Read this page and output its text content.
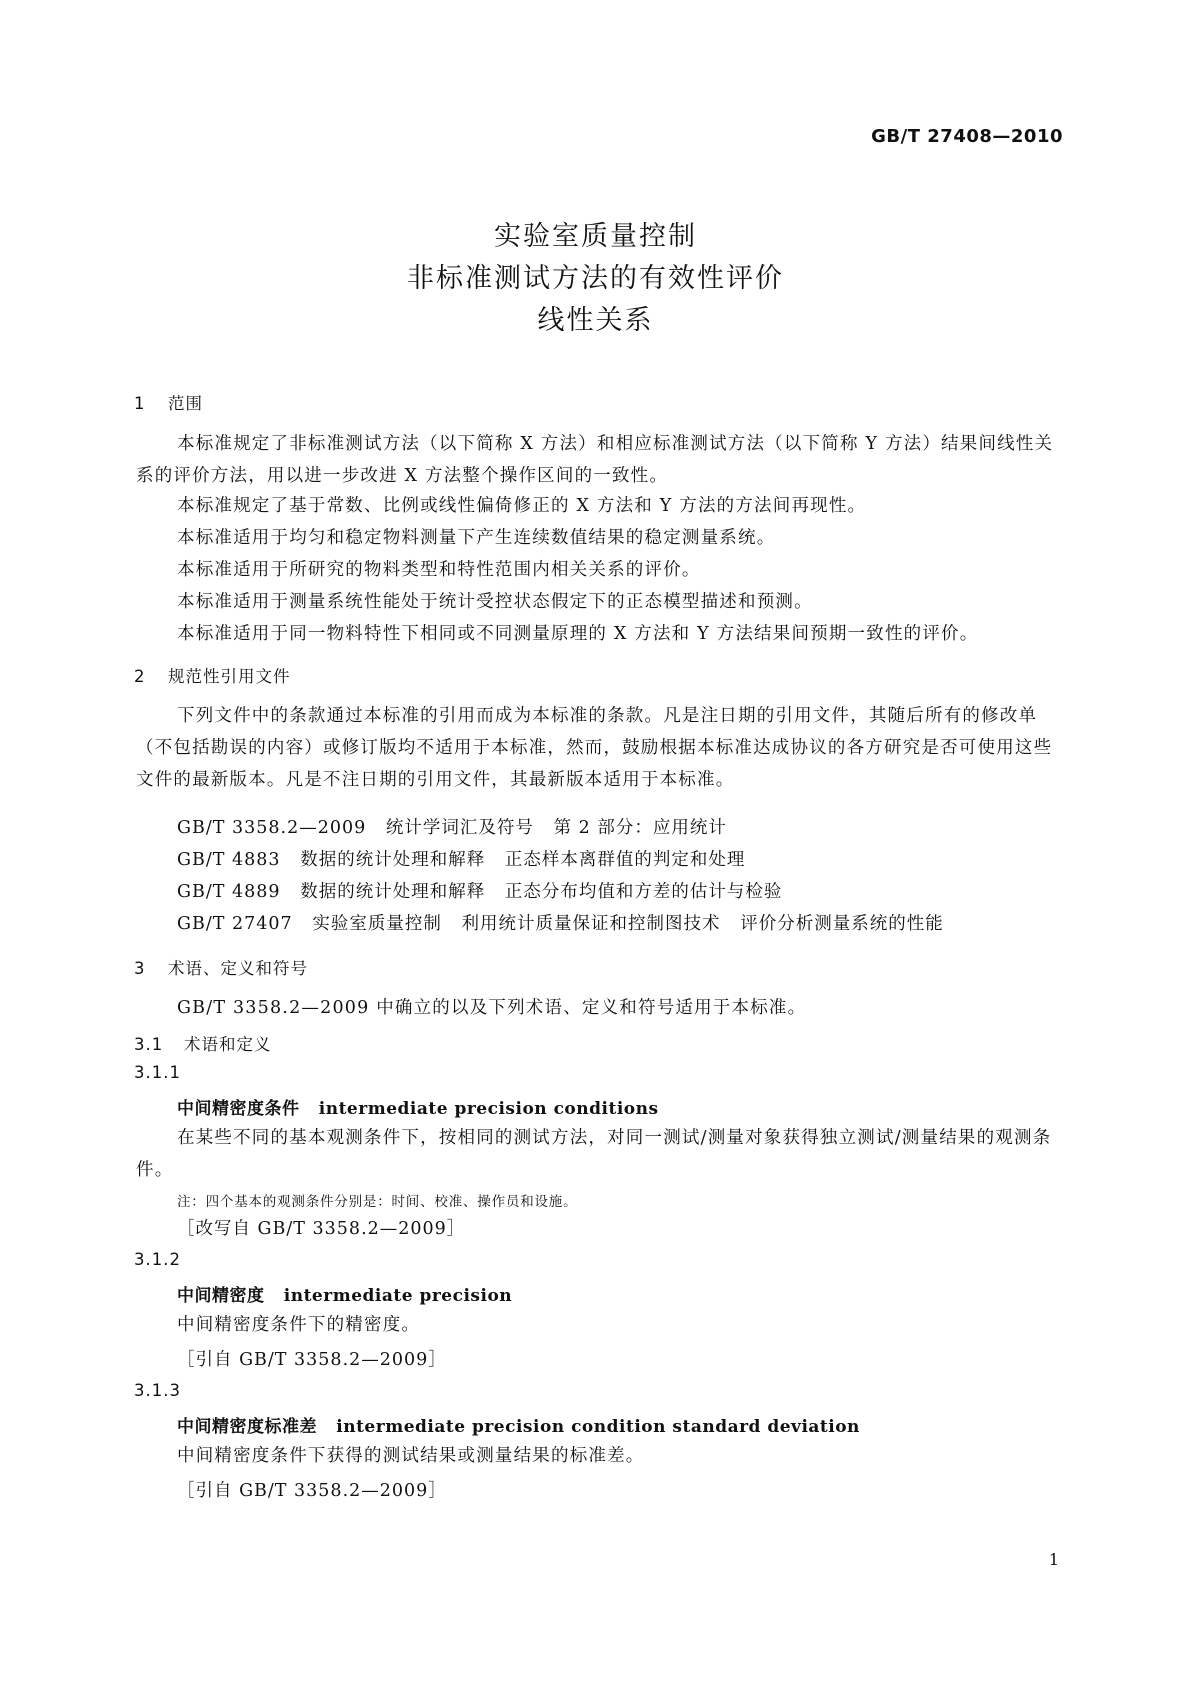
GB/T 27408—2010
实验室质量控制
非标准测试方法的有效性评价
线性关系
1 范围
本标准规定了非标准测试方法（以下简称 X 方法）和相应标准测试方法（以下简称 Y 方法）结果间线性关系的评价方法，用以进一步改进 X 方法整个操作区间的一致性。
本标准规定了基于常数、比例或线性偏倚修正的 X 方法和 Y 方法的方法间再现性。
本标准适用于均匀和稳定物料测量下产生连续数值结果的稳定测量系统。
本标准适用于所研究的物料类型和特性范围内相关关系的评价。
本标准适用于测量系统性能处于统计受控状态假定下的正态模型描述和预测。
本标准适用于同一物料特性下相同或不同测量原理的 X 方法和 Y 方法结果间预期一致性的评价。
2 规范性引用文件
下列文件中的条款通过本标准的引用而成为本标准的条款。凡是注日期的引用文件，其随后所有的修改单（不包括勘误的内容）或修订版均不适用于本标准，然而，鼓励根据本标准达成协议的各方研究是否可使用这些文件的最新版本。凡是不注日期的引用文件，其最新版本适用于本标准。
GB/T 3358.2—2009   统计学词汇及符号   第 2 部分：应用统计
GB/T 4883   数据的统计处理和解释   正态样本离群值的判定和处理
GB/T 4889   数据的统计处理和解释   正态分布均值和方差的估计与检验
GB/T 27407   实验室质量控制   利用统计质量保证和控制图技术   评价分析测量系统的性能
3 术语、定义和符号
GB/T 3358.2—2009 中确立的以及下列术语、定义和符号适用于本标准。
3.1 术语和定义
3.1.1
中间精密度条件 intermediate precision conditions
在某些不同的基本观测条件下，按相同的测试方法，对同一测试/测量对象获得独立测试/测量结果的观测条件。
注：四个基本的观测条件分别是：时间、校准、操作员和设施。
［改写自 GB/T 3358.2—2009］
3.1.2
中间精密度 intermediate precision
中间精密度条件下的精密度。
［引自 GB/T 3358.2—2009］
3.1.3
中间精密度标准差 intermediate precision condition standard deviation
中间精密度条件下获得的测试结果或测量结果的标准差。
［引自 GB/T 3358.2—2009］
1
